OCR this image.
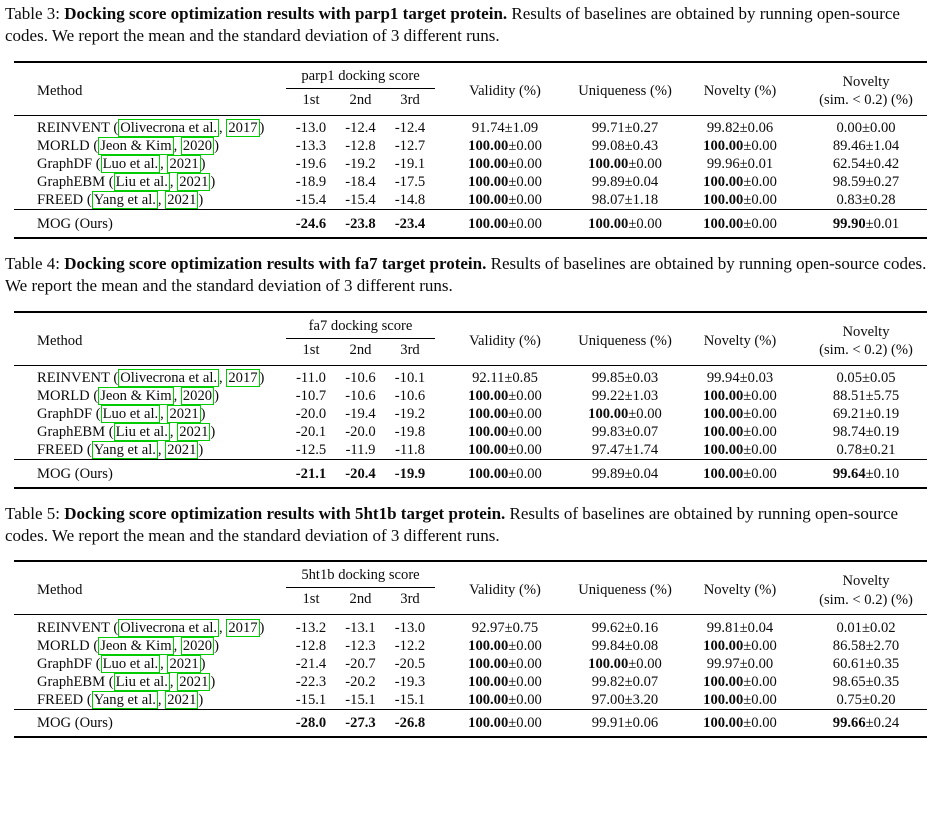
Table 3: Docking score optimization results with parp1 target protein. Results of baselines are obtained by running open-source codes. We report the mean and the standard deviation of 3 different runs.

Method	parp1 docking score			Validity (%)	Uniqueness (%)	Novelty (%)	Novelty
(sim. < 0.2) (%)
	1st	2nd	3rd				
REINVENT ( Olivecrona et al. , 2017 )	-13.0	-12.4	-12.4	91.74±1.09	99.71±0.27	99.82±0.06	0.00±0.00
MORLD ( Jeon & Kim , 2020 )	-13.3	-12.8	-12.7	100.00±0.00	99.08±0.43	100.00±0.00	89.46±1.04
GraphDF ( Luo et al. , 2021 )	-19.6	-19.2	-19.1	100.00±0.00	100.00±0.00	99.96±0.01	62.54±0.42
GraphEBM ( Liu et al. , 2021 )	-18.9	-18.4	-17.5	100.00±0.00	99.89±0.04	100.00±0.00	98.59±0.27
FREED ( Yang et al. , 2021 )	-15.4	-15.4	-14.8	100.00±0.00	98.07±1.18	100.00±0.00	0.83±0.28
MOG (Ours)	-24.6	-23.8	-23.4	100.00±0.00	100.00±0.00	100.00±0.00	99.90±0.01

Table 4: Docking score optimization results with fa7 target protein. Results of baselines are obtained by running open-source codes. We report the mean and the standard deviation of 3 different runs.

Method	fa7 docking score			Validity (%)	Uniqueness (%)	Novelty (%)	Novelty
(sim. < 0.2) (%)
	1st	2nd	3rd				
REINVENT ( Olivecrona et al. , 2017 )	-11.0	-10.6	-10.1	92.11±0.85	99.85±0.03	99.94±0.03	0.05±0.05
MORLD ( Jeon & Kim , 2020 )	-10.7	-10.6	-10.6	100.00±0.00	99.22±1.03	100.00±0.00	88.51±5.75
GraphDF ( Luo et al. , 2021 )	-20.0	-19.4	-19.2	100.00±0.00	100.00±0.00	100.00±0.00	69.21±0.19
GraphEBM ( Liu et al. , 2021 )	-20.1	-20.0	-19.8	100.00±0.00	99.83±0.07	100.00±0.00	98.74±0.19
FREED ( Yang et al. , 2021 )	-12.5	-11.9	-11.8	100.00±0.00	97.47±1.74	100.00±0.00	0.78±0.21
MOG (Ours)	-21.1	-20.4	-19.9	100.00±0.00	99.89±0.04	100.00±0.00	99.64±0.10

Table 5: Docking score optimization results with 5ht1b target protein. Results of baselines are obtained by running open-source codes. We report the mean and the standard deviation of 3 different runs.

Method	5ht1b docking score			Validity (%)	Uniqueness (%)	Novelty (%)	Novelty
(sim. < 0.2) (%)
	1st	2nd	3rd				
REINVENT ( Olivecrona et al. , 2017 )	-13.2	-13.1	-13.0	92.97±0.75	99.62±0.16	99.81±0.04	0.01±0.02
MORLD ( Jeon & Kim , 2020 )	-12.8	-12.3	-12.2	100.00±0.00	99.84±0.08	100.00±0.00	86.58±2.70
GraphDF ( Luo et al. , 2021 )	-21.4	-20.7	-20.5	100.00±0.00	100.00±0.00	99.97±0.00	60.61±0.35
GraphEBM ( Liu et al. , 2021 )	-22.3	-20.2	-19.3	100.00±0.00	99.82±0.07	100.00±0.00	98.65±0.35
FREED ( Yang et al. , 2021 )	-15.1	-15.1	-15.1	100.00±0.00	97.00±3.20	100.00±0.00	0.75±0.20
MOG (Ours)	-28.0	-27.3	-26.8	100.00±0.00	99.91±0.06	100.00±0.00	99.66±0.24
